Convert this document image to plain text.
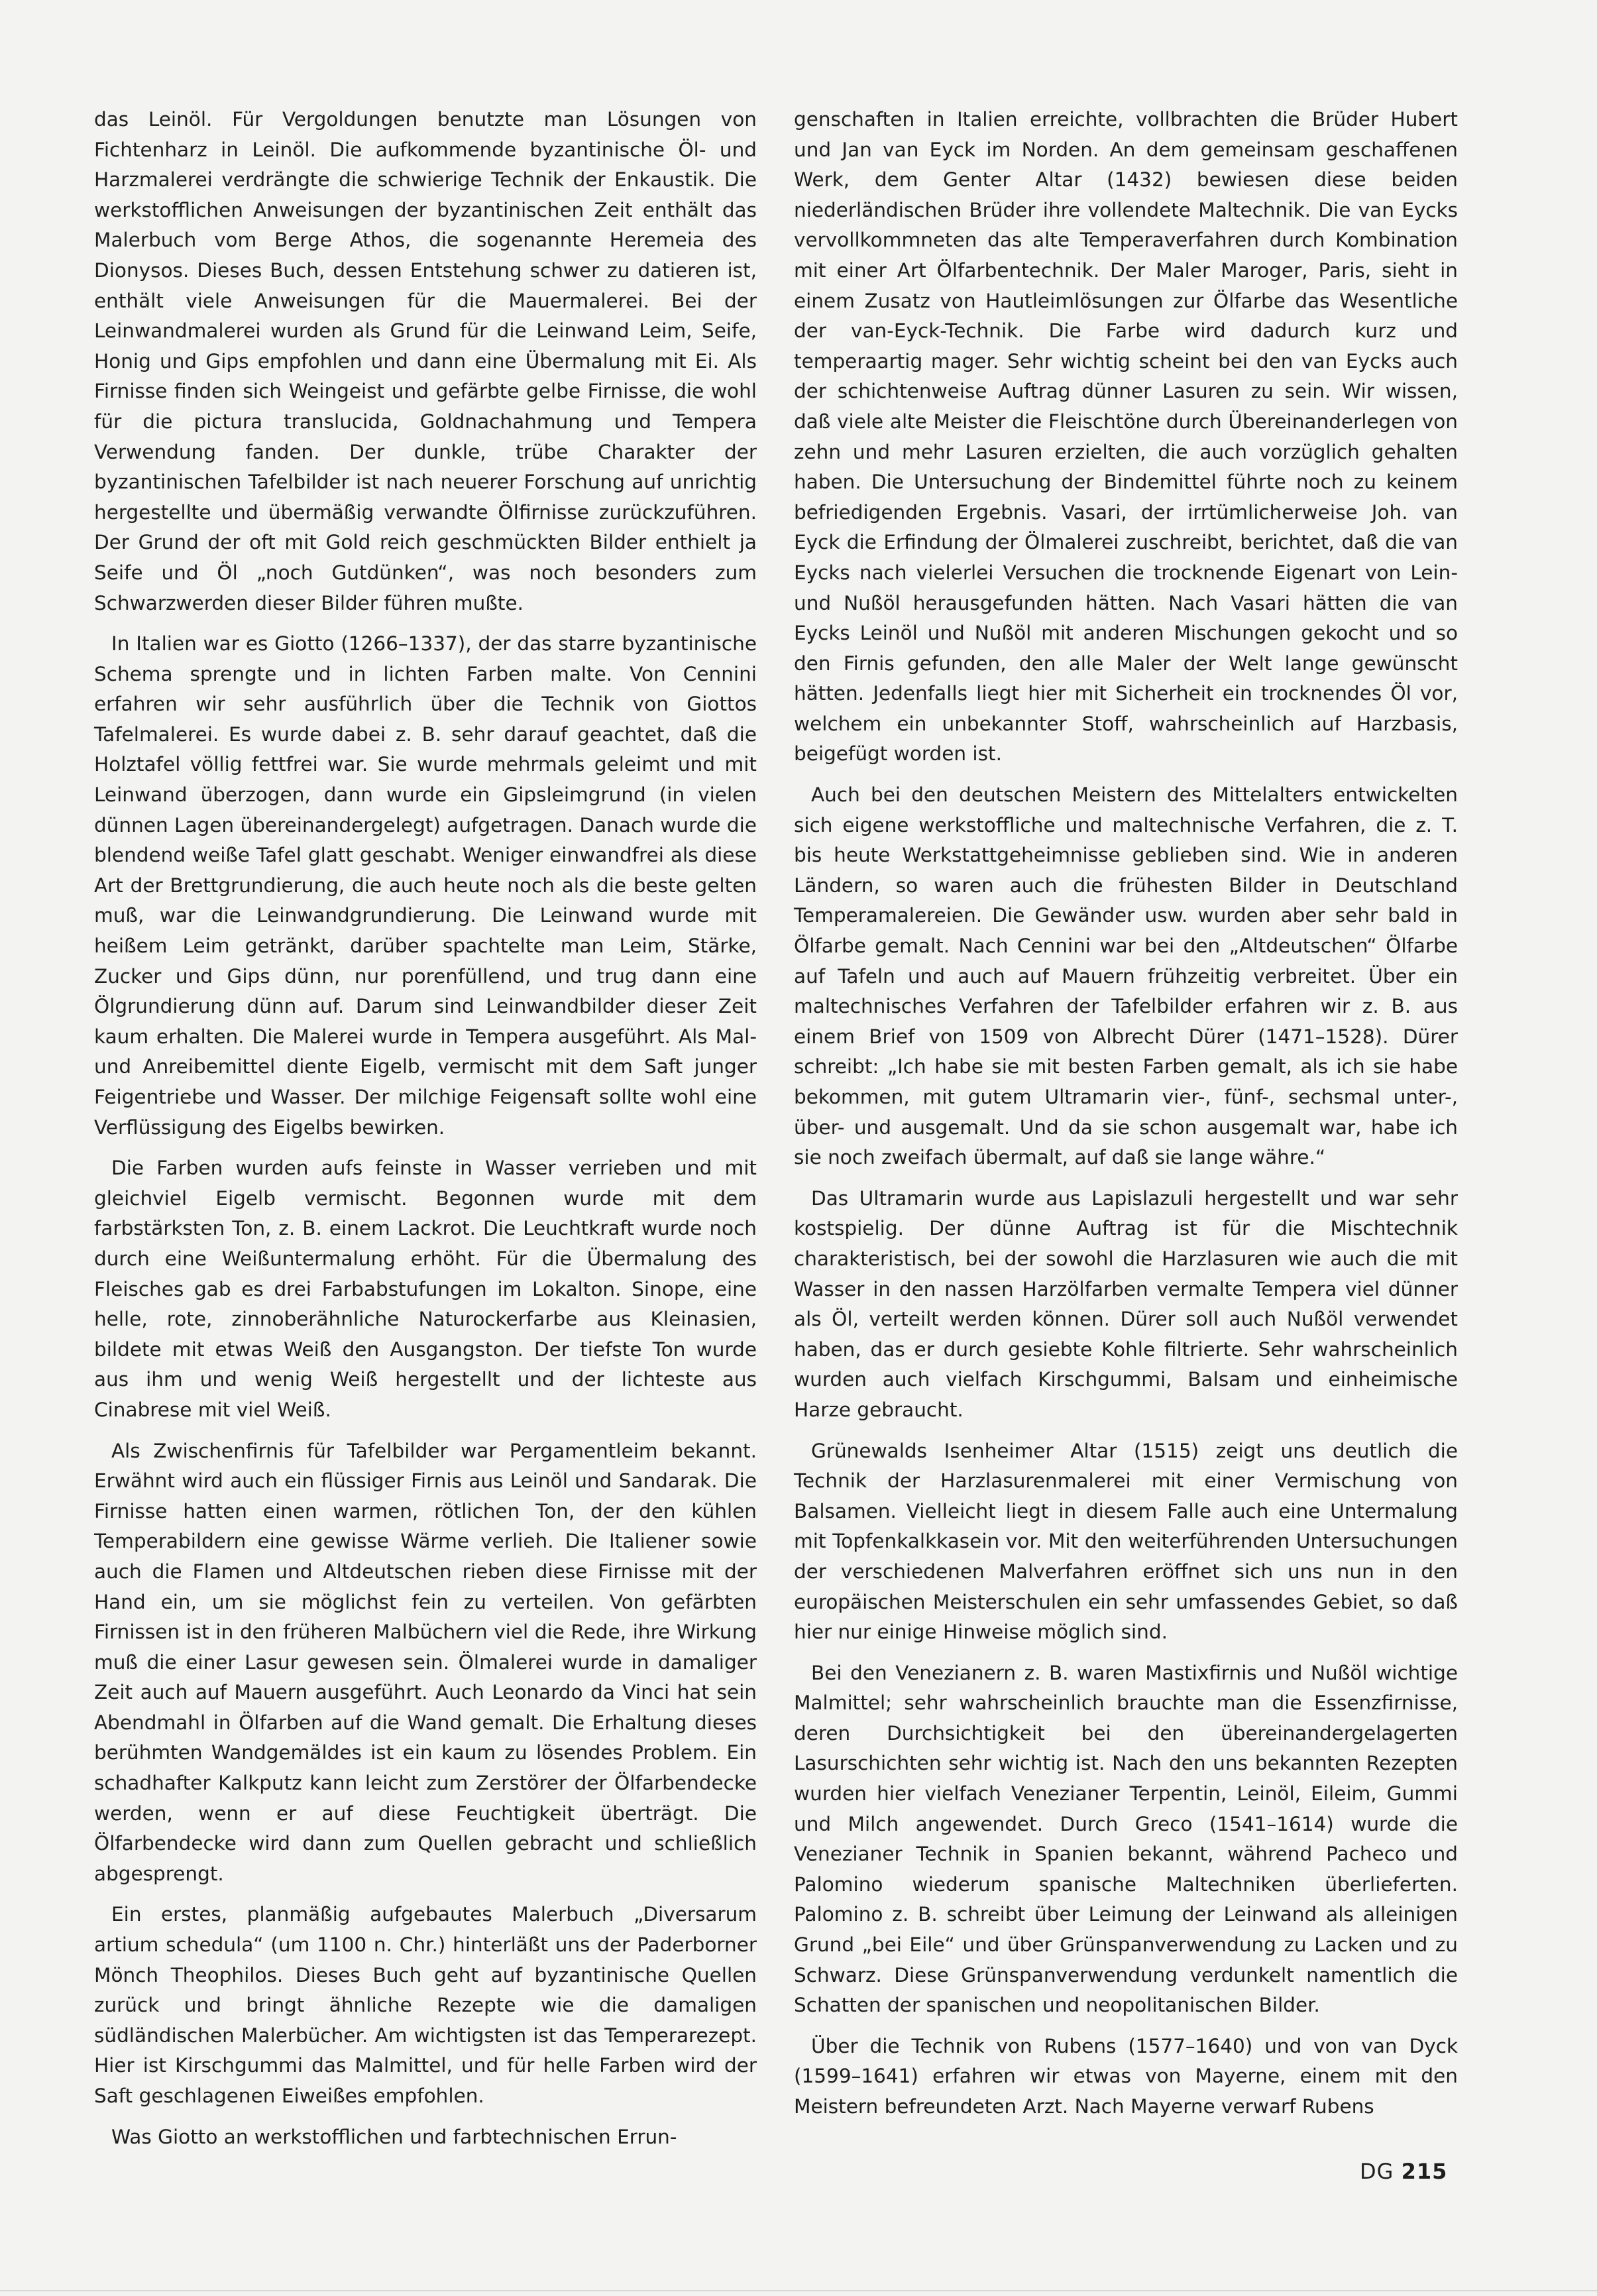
das Leinöl. Für Vergoldungen benutzte man Lösungen von Fichtenharz in Leinöl. Die aufkommende byzantinische Öl- und Harzmalerei verdrängte die schwierige Technik der Enkaustik. Die werkstofflichen Anweisungen der byzantinischen Zeit enthält das Malerbuch vom Berge Athos, die sogenannte Heremeia des Dionysos. Dieses Buch, dessen Entstehung schwer zu datieren ist, enthält viele Anweisungen für die Mauermalerei. Bei der Leinwandmalerei wurden als Grund für die Leinwand Leim, Seife, Honig und Gips empfohlen und dann eine Übermalung mit Ei. Als Firnisse finden sich Weingeist und gefärbte gelbe Firnisse, die wohl für die pictura translucida, Goldnachahmung und Tempera Verwendung fanden. Der dunkle, trübe Charakter der byzantinischen Tafelbilder ist nach neuerer Forschung auf unrichtig hergestellte und übermäßig verwandte Ölfirnisse zurückzuführen. Der Grund der oft mit Gold reich geschmückten Bilder enthielt ja Seife und Öl „noch Gutdünken“, was noch besonders zum Schwarzwerden dieser Bilder führen mußte.

In Italien war es Giotto (1266–1337), der das starre byzantinische Schema sprengte und in lichten Farben malte. Von Cennini erfahren wir sehr ausführlich über die Technik von Giottos Tafelmalerei. Es wurde dabei z. B. sehr darauf geachtet, daß die Holztafel völlig fettfrei war. Sie wurde mehrmals geleimt und mit Leinwand überzogen, dann wurde ein Gipsleimgrund (in vielen dünnen Lagen übereinandergelegt) aufgetragen. Danach wurde die blendend weiße Tafel glatt geschabt. Weniger einwandfrei als diese Art der Brettgrundierung, die auch heute noch als die beste gelten muß, war die Leinwandgrundierung. Die Leinwand wurde mit heißem Leim getränkt, darüber spachtelte man Leim, Stärke, Zucker und Gips dünn, nur porenfüllend, und trug dann eine Ölgrundierung dünn auf. Darum sind Leinwandbilder dieser Zeit kaum erhalten. Die Malerei wurde in Tempera ausgeführt. Als Mal- und Anreibemittel diente Eigelb, vermischt mit dem Saft junger Feigentriebe und Wasser. Der milchige Feigensaft sollte wohl eine Verflüssigung des Eigelbs bewirken.

Die Farben wurden aufs feinste in Wasser verrieben und mit gleichviel Eigelb vermischt. Begonnen wurde mit dem farbstärksten Ton, z. B. einem Lackrot. Die Leuchtkraft wurde noch durch eine Weißuntermalung erhöht. Für die Übermalung des Fleisches gab es drei Farbabstufungen im Lokalton. Sinope, eine helle, rote, zinnoberähnliche Naturockerfarbe aus Kleinasien, bildete mit etwas Weiß den Ausgangston. Der tiefste Ton wurde aus ihm und wenig Weiß hergestellt und der lichteste aus Cinabrese mit viel Weiß.

Als Zwischenfirnis für Tafelbilder war Pergamentleim bekannt. Erwähnt wird auch ein flüssiger Firnis aus Leinöl und Sandarak. Die Firnisse hatten einen warmen, rötlichen Ton, der den kühlen Temperabildern eine gewisse Wärme verlieh. Die Italiener sowie auch die Flamen und Altdeutschen rieben diese Firnisse mit der Hand ein, um sie möglichst fein zu verteilen. Von gefärbten Firnissen ist in den früheren Malbüchern viel die Rede, ihre Wirkung muß die einer Lasur gewesen sein. Ölmalerei wurde in damaliger Zeit auch auf Mauern ausgeführt. Auch Leonardo da Vinci hat sein Abendmahl in Ölfarben auf die Wand gemalt. Die Erhaltung dieses berühmten Wandgemäldes ist ein kaum zu lösendes Problem. Ein schadhafter Kalkputz kann leicht zum Zerstörer der Ölfarbendecke werden, wenn er auf diese Feuchtigkeit überträgt. Die Ölfarbendecke wird dann zum Quellen gebracht und schließlich abgesprengt.

Ein erstes, planmäßig aufgebautes Malerbuch „Diversarum artium schedula“ (um 1100 n. Chr.) hinterläßt uns der Paderborner Mönch Theophilos. Dieses Buch geht auf byzantinische Quellen zurück und bringt ähnliche Rezepte wie die damaligen südländischen Malerbücher. Am wichtigsten ist das Temperarezept. Hier ist Kirschgummi das Malmittel, und für helle Farben wird der Saft geschlagenen Eiweißes empfohlen.

Was Giotto an werkstofflichen und farbtechnischen Errun-

genschaften in Italien erreichte, vollbrachten die Brüder Hubert und Jan van Eyck im Norden. An dem gemeinsam geschaffenen Werk, dem Genter Altar (1432) bewiesen diese beiden niederländischen Brüder ihre vollendete Maltechnik. Die van Eycks vervollkommneten das alte Temperaverfahren durch Kombination mit einer Art Ölfarbentechnik. Der Maler Maroger, Paris, sieht in einem Zusatz von Hautleimlösungen zur Ölfarbe das Wesentliche der van-Eyck-Technik. Die Farbe wird dadurch kurz und temperaartig mager. Sehr wichtig scheint bei den van Eycks auch der schichtenweise Auftrag dünner Lasuren zu sein. Wir wissen, daß viele alte Meister die Fleischtöne durch Übereinanderlegen von zehn und mehr Lasuren erzielten, die auch vorzüglich gehalten haben. Die Untersuchung der Bindemittel führte noch zu keinem befriedigenden Ergebnis. Vasari, der irrtümlicherweise Joh. van Eyck die Erfindung der Ölmalerei zuschreibt, berichtet, daß die van Eycks nach vielerlei Versuchen die trocknende Eigenart von Lein- und Nußöl herausgefunden hätten. Nach Vasari hätten die van Eycks Leinöl und Nußöl mit anderen Mischungen gekocht und so den Firnis gefunden, den alle Maler der Welt lange gewünscht hätten. Jedenfalls liegt hier mit Sicherheit ein trocknendes Öl vor, welchem ein unbekannter Stoff, wahrscheinlich auf Harzbasis, beigefügt worden ist.

Auch bei den deutschen Meistern des Mittelalters entwickelten sich eigene werkstoffliche und maltechnische Verfahren, die z. T. bis heute Werkstattgeheimnisse geblieben sind. Wie in anderen Ländern, so waren auch die frühesten Bilder in Deutschland Temperamalereien. Die Gewänder usw. wurden aber sehr bald in Ölfarbe gemalt. Nach Cennini war bei den „Altdeutschen“ Ölfarbe auf Tafeln und auch auf Mauern frühzeitig verbreitet. Über ein maltechnisches Verfahren der Tafelbilder erfahren wir z. B. aus einem Brief von 1509 von Albrecht Dürer (1471–1528). Dürer schreibt: „Ich habe sie mit besten Farben gemalt, als ich sie habe bekommen, mit gutem Ultramarin vier-, fünf-, sechsmal unter-, über- und ausgemalt. Und da sie schon ausgemalt war, habe ich sie noch zweifach übermalt, auf daß sie lange währe.“

Das Ultramarin wurde aus Lapislazuli hergestellt und war sehr kostspielig. Der dünne Auftrag ist für die Mischtechnik charakteristisch, bei der sowohl die Harzlasuren wie auch die mit Wasser in den nassen Harzölfarben vermalte Tempera viel dünner als Öl, verteilt werden können. Dürer soll auch Nußöl verwendet haben, das er durch gesiebte Kohle filtrierte. Sehr wahrscheinlich wurden auch vielfach Kirschgummi, Balsam und einheimische Harze gebraucht.

Grünewalds Isenheimer Altar (1515) zeigt uns deutlich die Technik der Harzlasurenmalerei mit einer Vermischung von Balsamen. Vielleicht liegt in diesem Falle auch eine Untermalung mit Topfenkalkkasein vor. Mit den weiterführenden Untersuchungen der verschiedenen Malverfahren eröffnet sich uns nun in den europäischen Meisterschulen ein sehr umfassendes Gebiet, so daß hier nur einige Hinweise möglich sind.

Bei den Venezianern z. B. waren Mastixfirnis und Nußöl wichtige Malmittel; sehr wahrscheinlich brauchte man die Essenzfirnisse, deren Durchsichtigkeit bei den übereinandergelagerten Lasurschichten sehr wichtig ist. Nach den uns bekannten Rezepten wurden hier vielfach Venezianer Terpentin, Leinöl, Eileim, Gummi und Milch angewendet. Durch Greco (1541–1614) wurde die Venezianer Technik in Spanien bekannt, während Pacheco und Palomino wiederum spanische Maltechniken überlieferten. Palomino z. B. schreibt über Leimung der Leinwand als alleinigen Grund „bei Eile“ und über Grünspanverwendung zu Lacken und zu Schwarz. Diese Grünspanverwendung verdunkelt namentlich die Schatten der spanischen und neopolitanischen Bilder.

Über die Technik von Rubens (1577–1640) und von van Dyck (1599–1641) erfahren wir etwas von Mayerne, einem mit den Meistern befreundeten Arzt. Nach Mayerne verwarf Rubens

DG 215
